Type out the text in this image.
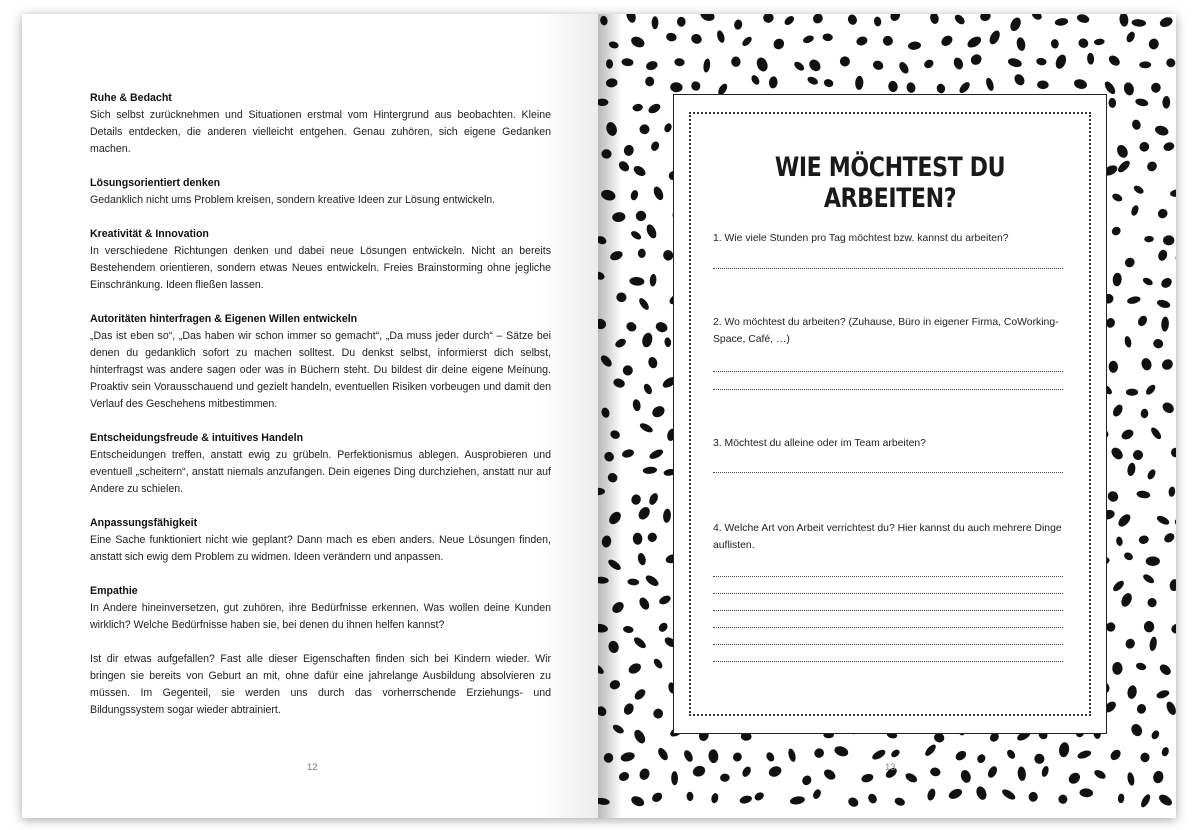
Ruhe & Bedacht
Sich selbst zurücknehmen und Situationen erstmal vom Hintergrund aus beobachten. Kleine Details entdecken, die anderen vielleicht entgehen. Genau zuhören, sich eigene Gedanken machen.
Lösungsorientiert denken
Gedanklich nicht ums Problem kreisen, sondern kreative Ideen zur Lösung entwickeln.
Kreativität & Innovation
In verschiedene Richtungen denken und dabei neue Lösungen entwickeln. Nicht an bereits Bestehendem orientieren, sondern etwas Neues entwickeln. Freies Brainstorming ohne jegliche Einschränkung. Ideen fließen lassen.
Autoritäten hinterfragen & Eigenen Willen entwickeln
„Das ist eben so“, „Das haben wir schon immer so gemacht“, „Da muss jeder durch“ – Sätze bei denen du gedanklich sofort zu machen solltest. Du denkst selbst, informierst dich selbst, hinterfragst was andere sagen oder was in Büchern steht. Du bildest dir deine eigene Meinung. Proaktiv sein Vorausschauend und gezielt handeln, eventuellen Risiken vorbeugen und damit den Verlauf des Geschehens mitbestimmen.
Entscheidungsfreude & intuitives Handeln
Entscheidungen treffen, anstatt ewig zu grübeln. Perfektionismus ablegen. Ausprobieren und eventuell „scheitern“, anstatt niemals anzufangen. Dein eigenes Ding durchziehen, anstatt nur auf Andere zu schielen.
Anpassungsfähigkeit
Eine Sache funktioniert nicht wie geplant? Dann mach es eben anders. Neue Lösungen finden, anstatt sich ewig dem Problem zu widmen. Ideen verändern und anpassen.
Empathie
In Andere hineinversetzen, gut zuhören, ihre Bedürfnisse erkennen. Was wollen deine Kunden wirklich? Welche Bedürfnisse haben sie, bei denen du ihnen helfen kannst?
Ist dir etwas aufgefallen? Fast alle dieser Eigenschaften finden sich bei Kindern wieder. Wir bringen sie bereits von Geburt an mit, ohne dafür eine jahrelange Ausbildung absolvieren zu müssen. Im Gegenteil, sie werden uns durch das vorherrschende Erziehungs- und Bildungssystem sogar wieder abtrainiert.
12
WIE MÖCHTEST DU ARBEITEN?
1. Wie viele Stunden pro Tag möchtest bzw. kannst du arbeiten?
2. Wo möchtest du arbeiten? (Zuhause, Büro in eigener Firma, CoWorking-Space, Café, …)
3. Möchtest du alleine oder im Team arbeiten?
4. Welche Art von Arbeit verrichtest du? Hier kannst du auch mehrere Dinge auflisten.
13
